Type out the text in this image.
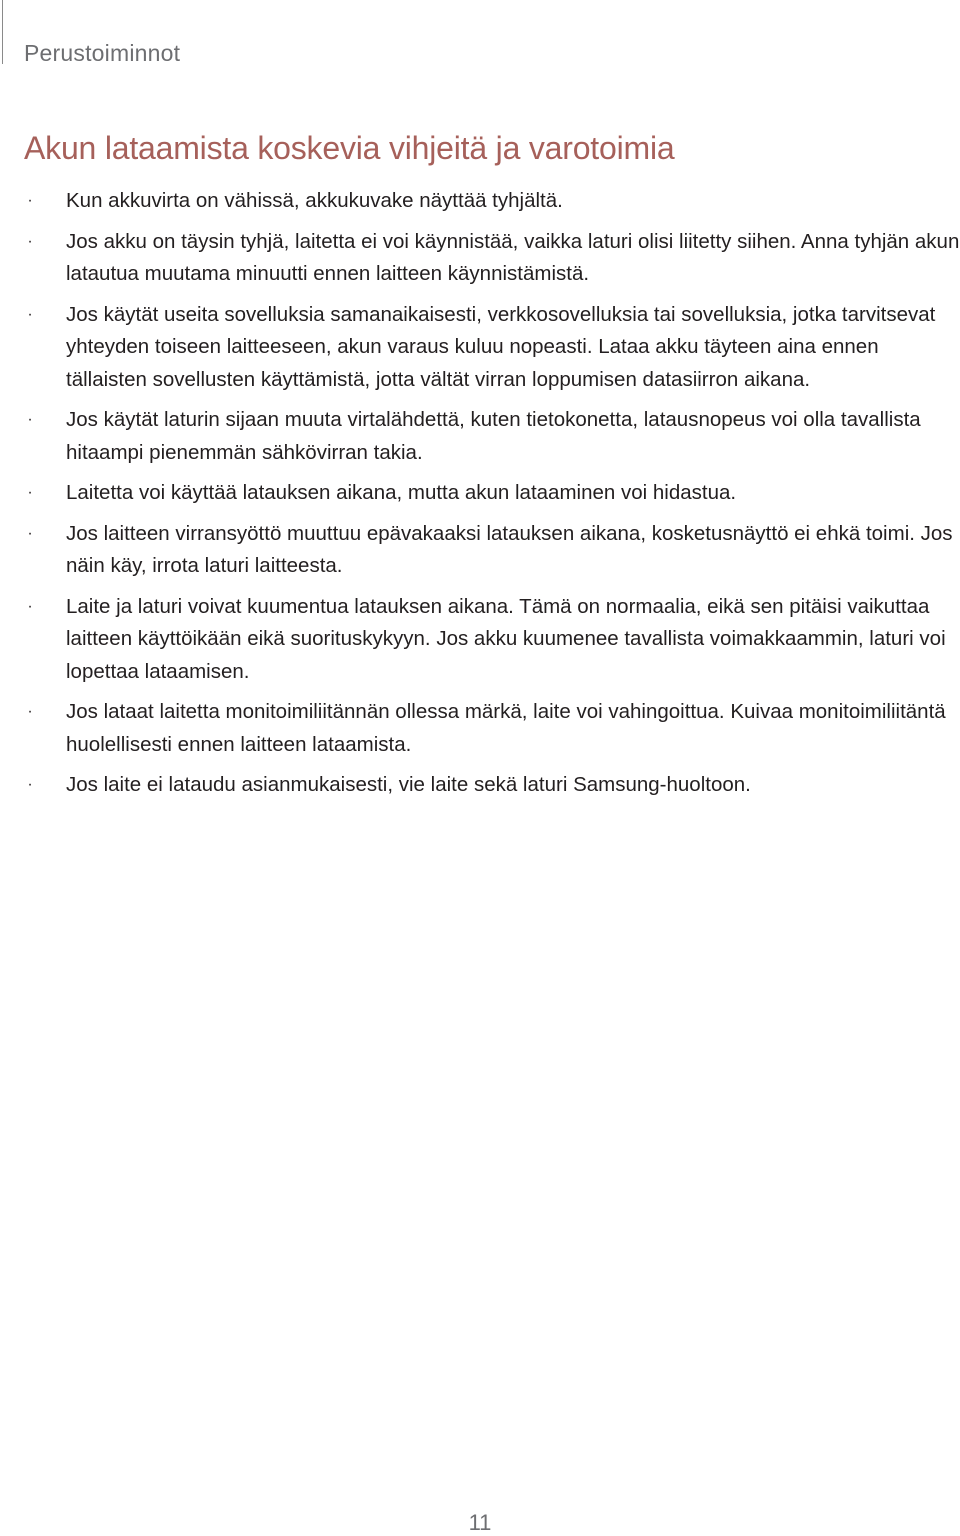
Perustoiminnot
Akun lataamista koskevia vihjeitä ja varotoimia
· Kun akkuvirta on vähissä, akkukuvake näyttää tyhjältä.
· Jos akku on täysin tyhjä, laitetta ei voi käynnistää, vaikka laturi olisi liitetty siihen. Anna tyhjän akun latautua muutama minuutti ennen laitteen käynnistämistä.
· Jos käytät useita sovelluksia samanaikaisesti, verkkosovelluksia tai sovelluksia, jotka tarvitsevat yhteyden toiseen laitteeseen, akun varaus kuluu nopeasti. Lataa akku täyteen aina ennen tällaisten sovellusten käyttämistä, jotta vältät virran loppumisen datasiirron aikana.
· Jos käytät laturin sijaan muuta virtalähdettä, kuten tietokonetta, latausnopeus voi olla tavallista hitaampi pienemmän sähkövirran takia.
· Laitetta voi käyttää latauksen aikana, mutta akun lataaminen voi hidastua.
· Jos laitteen virransyöttö muuttuu epävakaaksi latauksen aikana, kosketusnäyttö ei ehkä toimi. Jos näin käy, irrota laturi laitteesta.
· Laite ja laturi voivat kuumentua latauksen aikana. Tämä on normaalia, eikä sen pitäisi vaikuttaa laitteen käyttöikään eikä suorituskykyyn. Jos akku kuumenee tavallista voimakkaammin, laturi voi lopettaa lataamisen.
· Jos lataat laitetta monitoimiliitännän ollessa märkä, laite voi vahingoittua. Kuivaa monitoimiliitäntä huolellisesti ennen laitteen lataamista.
· Jos laite ei lataudu asianmukaisesti, vie laite sekä laturi Samsung-huoltoon.
11
